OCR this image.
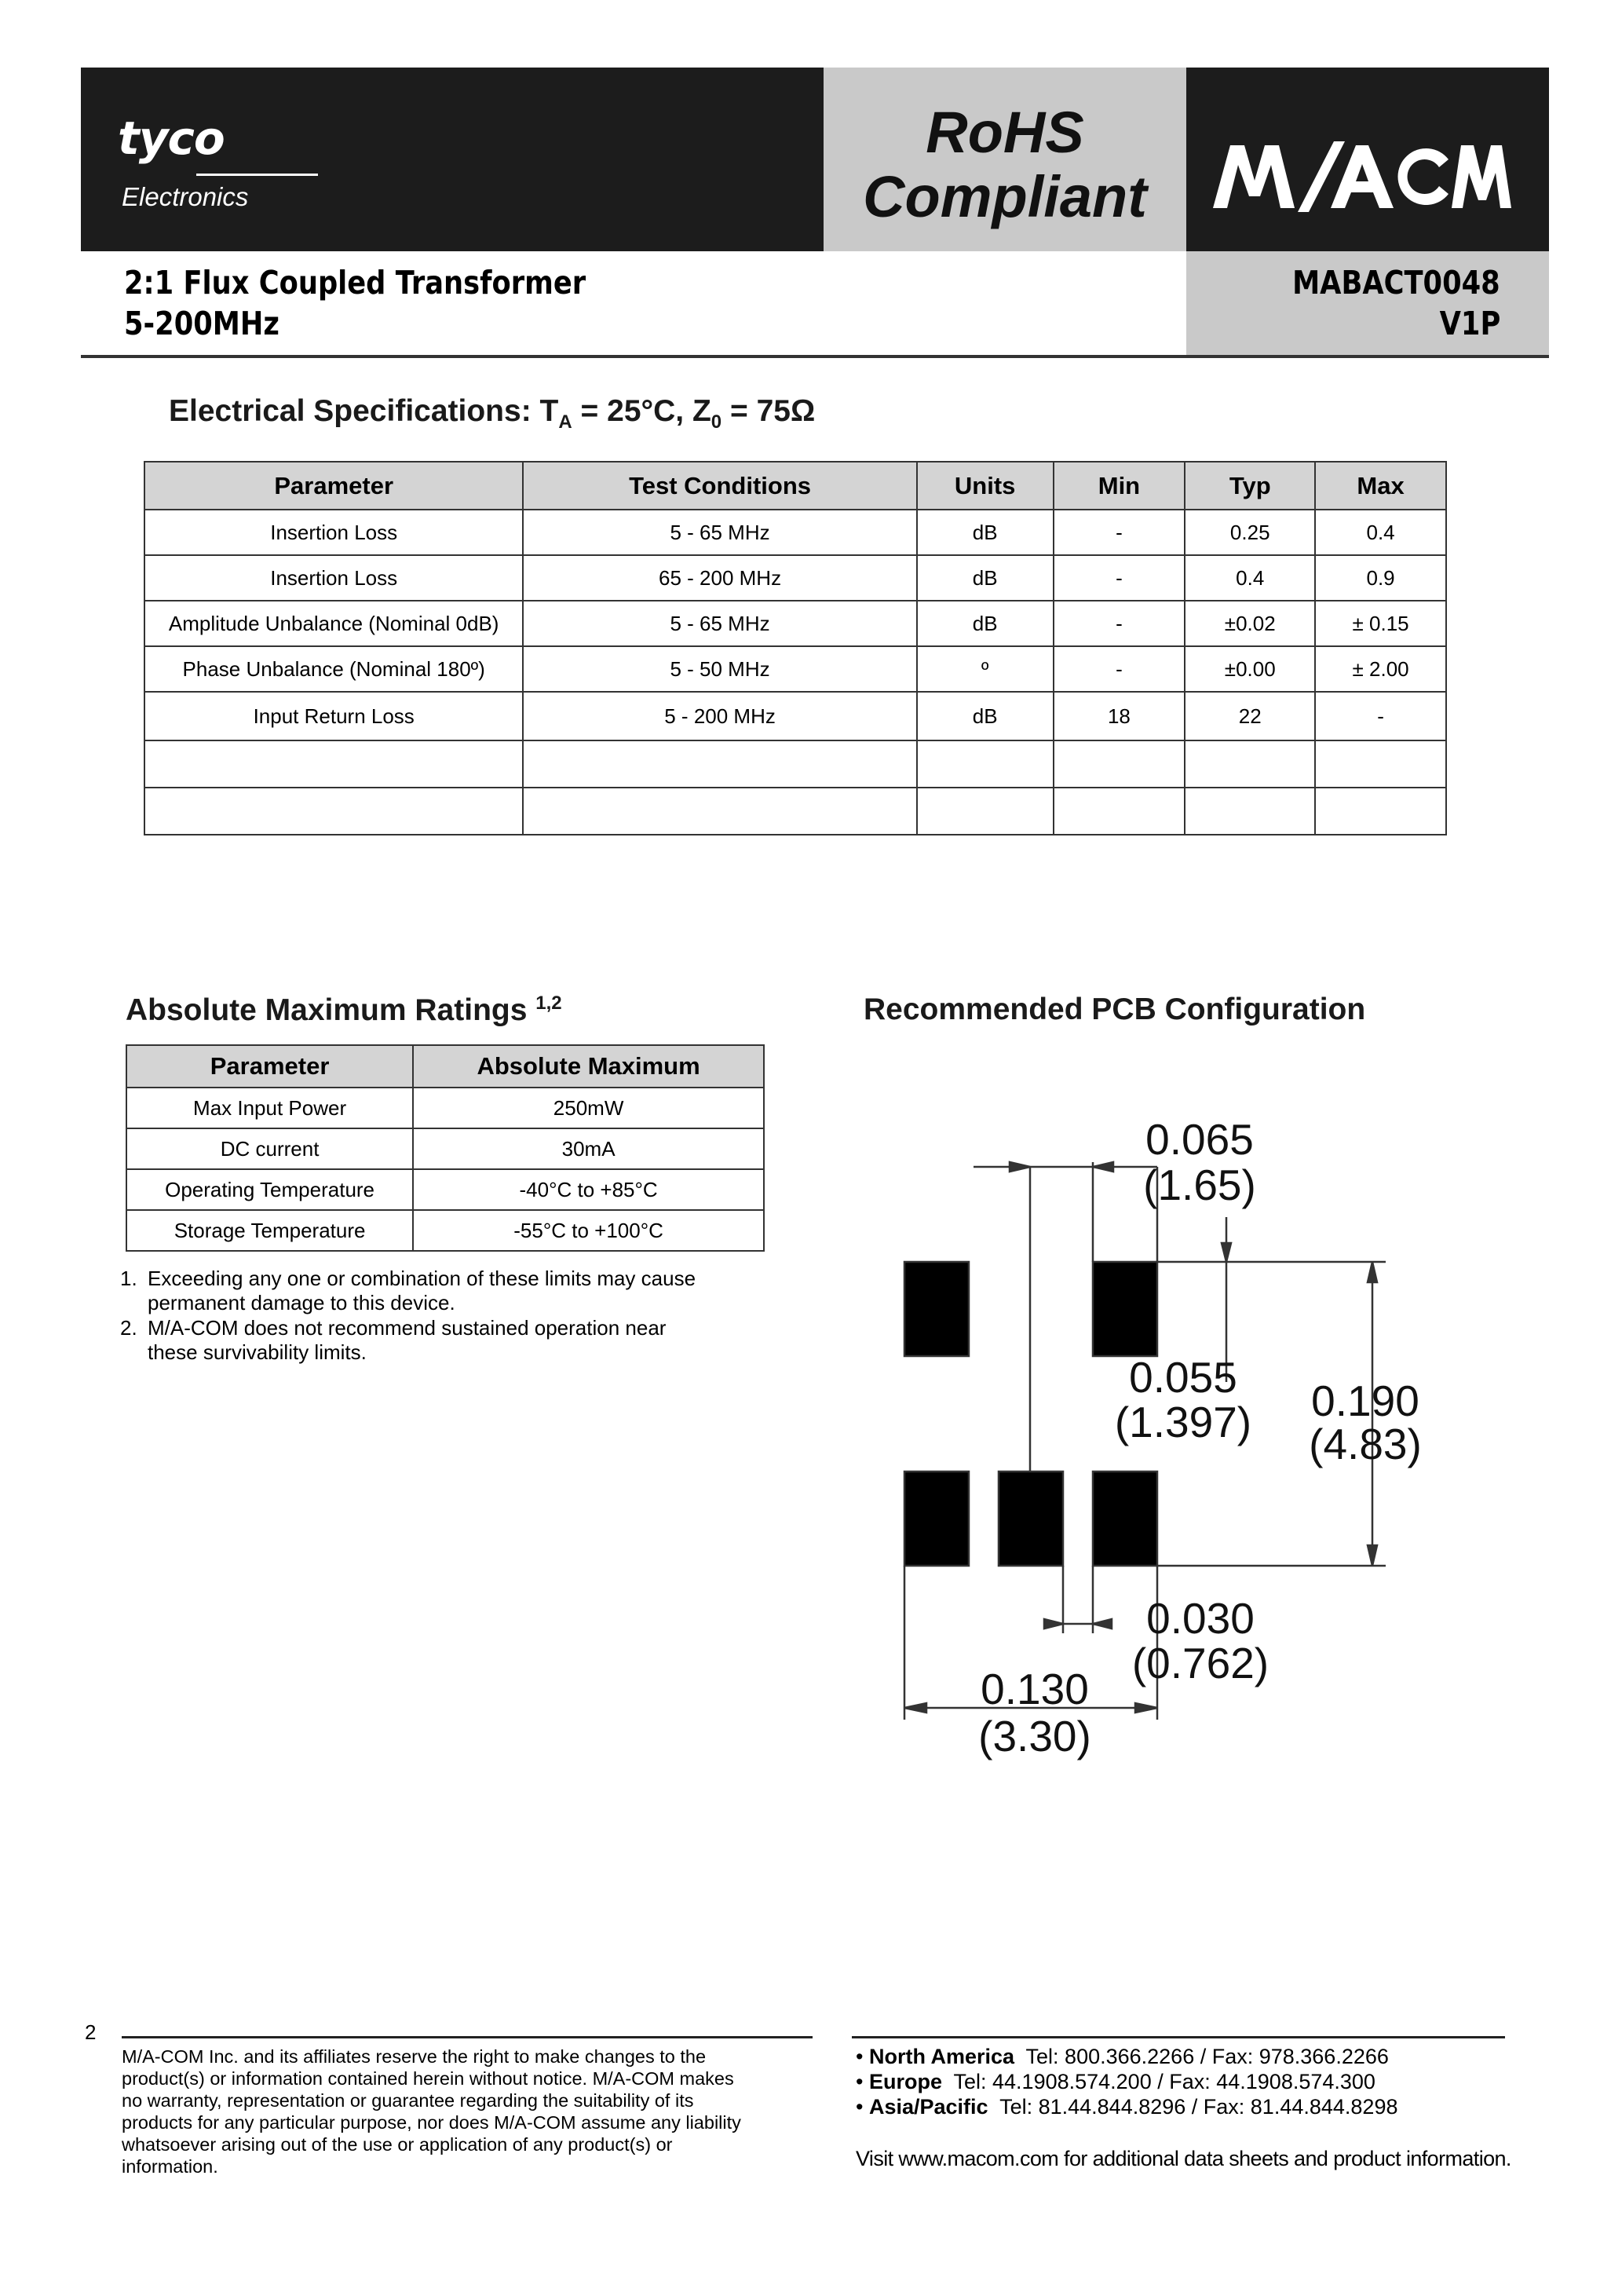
tyco
Electronics
RoHS
Compliant
2:1 Flux Coupled Transformer
5-200MHz
MABACT0048
V1P
Electrical Specifications: $T_A = 25^\circ C$, $Z_0 = 75\Omega$
Parameter	Test Conditions	Units	Min	Typ	Max
Insertion Loss	5 - 65 MHz	dB	-	0.25	0.4
Insertion Loss	65 - 200 MHz	dB	-	0.4	0.9
Amplitude Unbalance (Nominal 0dB)	5 - 65 MHz	dB	-	±0.02	± 0.15
Phase Unbalance (Nominal 180º)	5 - 50 MHz	º	-	±0.00	± 2.00
Input Return Loss	5 - 200 MHz	dB	18	22	-

Absolute Maximum Ratings $^{1,2}$
Parameter	Absolute Maximum
Max Input Power	250mW
DC current	30mA
Operating Temperature	-40°C to +85°C
Storage Temperature	-55°C to +100°C
1. Exceeding any one or combination of these limits may cause
permanent damage to this device.
2. M/A-COM does not recommend sustained operation near
these survivability limits.
Recommended PCB Configuration
0.065
(1.65)
0.055
(1.397) 0.190
(4.83)
0.030
(0.762)
0.130
(3.30)
2
M/A-COM Inc. and its affiliates reserve the right to make changes to the
product(s) or information contained herein without notice. M/A-COM makes
no warranty, representation or guarantee regarding the suitability of its
products for any particular purpose, nor does M/A-COM assume any liability
whatsoever arising out of the use or application of any product(s) or
information.
• North America Tel: 800.366.2266 / Fax: 978.366.2266
• Europe Tel: 44.1908.574.200 / Fax: 44.1908.574.300
• Asia/Pacific Tel: 81.44.844.8296 / Fax: 81.44.844.8298
Visit www.macom.com for additional data sheets and product information.
